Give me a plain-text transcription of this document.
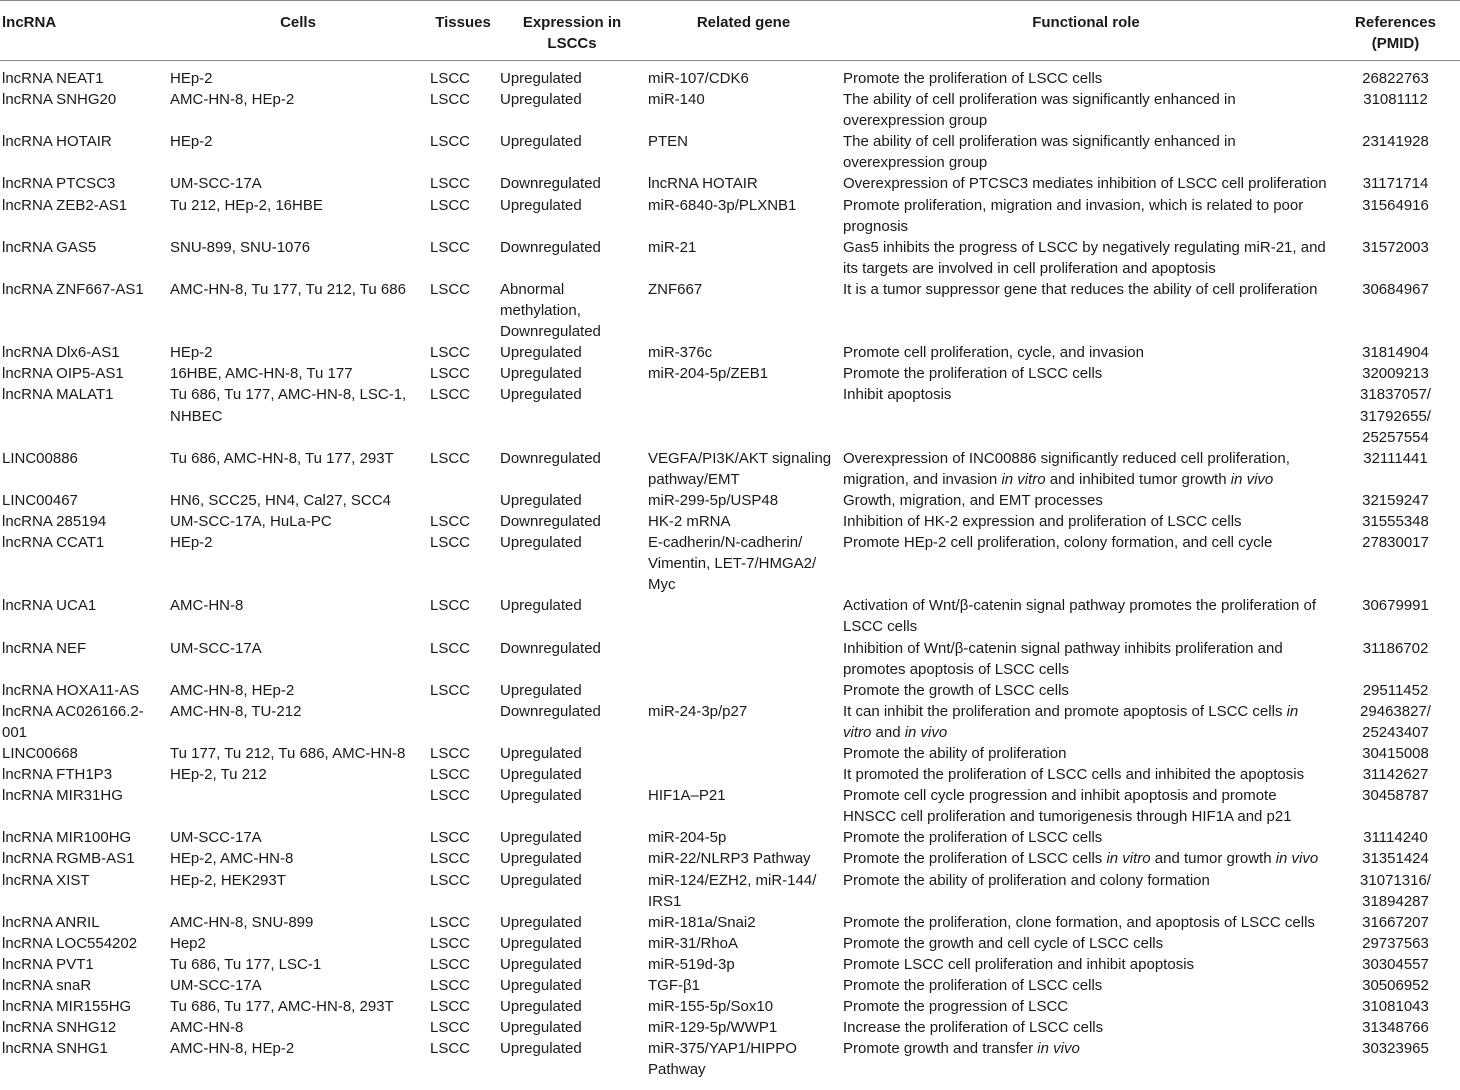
lncRNA	Cells	Tissues	Expression in LSCCs	Related gene	Functional role	References (PMID)
lncRNA NEAT1	HEp-2	LSCC	Upregulated	miR-107/CDK6	Promote the proliferation of LSCC cells	26822763
lncRNA SNHG20	AMC-HN-8, HEp-2	LSCC	Upregulated	miR-140	The ability of cell proliferation was significantly enhanced in overexpression group	31081112
lncRNA HOTAIR	HEp-2	LSCC	Upregulated	PTEN	The ability of cell proliferation was significantly enhanced in overexpression group	23141928
lncRNA PTCSC3	UM-SCC-17A	LSCC	Downregulated	lncRNA HOTAIR	Overexpression of PTCSC3 mediates inhibition of LSCC cell proliferation	31171714
lncRNA ZEB2-AS1	Tu 212, HEp-2, 16HBE	LSCC	Upregulated	miR-6840-3p/PLXNB1	Promote proliferation, migration and invasion, which is related to poor prognosis	31564916
lncRNA GAS5	SNU-899, SNU-1076	LSCC	Downregulated	miR-21	Gas5 inhibits the progress of LSCC by negatively regulating miR-21, and its targets are involved in cell proliferation and apoptosis	31572003
lncRNA ZNF667-AS1	AMC-HN-8, Tu 177, Tu 212, Tu 686	LSCC	Abnormal methylation, Downregulated	ZNF667	It is a tumor suppressor gene that reduces the ability of cell proliferation	30684967
lncRNA Dlx6-AS1	HEp-2	LSCC	Upregulated	miR-376c	Promote cell proliferation, cycle, and invasion	31814904
lncRNA OIP5-AS1	16HBE, AMC-HN-8, Tu 177	LSCC	Upregulated	miR-204-5p/ZEB1	Promote the proliferation of LSCC cells	32009213
lncRNA MALAT1	Tu 686, Tu 177, AMC-HN-8, LSC-1, NHBEC	LSCC	Upregulated		Inhibit apoptosis	31837057/ 31792655/ 25257554
LINC00886	Tu 686, AMC-HN-8, Tu 177, 293T	LSCC	Downregulated	VEGFA/PI3K/AKT signaling pathway/EMT	Overexpression of INC00886 significantly reduced cell proliferation, migration, and invasion in vitro and inhibited tumor growth in vivo	32111441
LINC00467	HN6, SCC25, HN4, Cal27, SCC4		Upregulated	miR-299-5p/USP48	Growth, migration, and EMT processes	32159247
lncRNA 285194	UM-SCC-17A, HuLa-PC	LSCC	Downregulated	HK-2 mRNA	Inhibition of HK-2 expression and proliferation of LSCC cells	31555348
lncRNA CCAT1	HEp-2	LSCC	Upregulated	E-cadherin/N-cadherin/ Vimentin, LET-7/HMGA2/ Myc	Promote HEp-2 cell proliferation, colony formation, and cell cycle	27830017
lncRNA UCA1	AMC-HN-8	LSCC	Upregulated		Activation of Wnt/β-catenin signal pathway promotes the proliferation of LSCC cells	30679991
lncRNA NEF	UM-SCC-17A	LSCC	Downregulated		Inhibition of Wnt/β-catenin signal pathway inhibits proliferation and promotes apoptosis of LSCC cells	31186702
lncRNA HOXA11-AS	AMC-HN-8, HEp-2	LSCC	Upregulated		Promote the growth of LSCC cells	29511452
lncRNA AC026166.2-001	AMC-HN-8, TU-212		Downregulated	miR-24-3p/p27	It can inhibit the proliferation and promote apoptosis of LSCC cells in vitro and in vivo	29463827/ 25243407
LINC00668	Tu 177, Tu 212, Tu 686, AMC-HN-8	LSCC	Upregulated		Promote the ability of proliferation	30415008
lncRNA FTH1P3	HEp-2, Tu 212	LSCC	Upregulated		It promoted the proliferation of LSCC cells and inhibited the apoptosis	31142627
lncRNA MIR31HG		LSCC	Upregulated	HIF1A–P21	Promote cell cycle progression and inhibit apoptosis and promote HNSCC cell proliferation and tumorigenesis through HIF1A and p21	30458787
lncRNA MIR100HG	UM-SCC-17A	LSCC	Upregulated	miR-204-5p	Promote the proliferation of LSCC cells	31114240
lncRNA RGMB-AS1	HEp-2, AMC-HN-8	LSCC	Upregulated	miR-22/NLRP3 Pathway	Promote the proliferation of LSCC cells in vitro and tumor growth in vivo	31351424
lncRNA XIST	HEp-2, HEK293T	LSCC	Upregulated	miR-124/EZH2, miR-144/ IRS1	Promote the ability of proliferation and colony formation	31071316/ 31894287
lncRNA ANRIL	AMC-HN-8, SNU-899	LSCC	Upregulated	miR-181a/Snai2	Promote the proliferation, clone formation, and apoptosis of LSCC cells	31667207
lncRNA LOC554202	Hep2	LSCC	Upregulated	miR-31/RhoA	Promote the growth and cell cycle of LSCC cells	29737563
lncRNA PVT1	Tu 686, Tu 177, LSC-1	LSCC	Upregulated	miR-519d-3p	Promote LSCC cell proliferation and inhibit apoptosis	30304557
lncRNA snaR	UM-SCC-17A	LSCC	Upregulated	TGF-β1	Promote the proliferation of LSCC cells	30506952
lncRNA MIR155HG	Tu 686, Tu 177, AMC-HN-8, 293T	LSCC	Upregulated	miR-155-5p/Sox10	Promote the progression of LSCC	31081043
lncRNA SNHG12	AMC-HN-8	LSCC	Upregulated	miR-129-5p/WWP1	Increase the proliferation of LSCC cells	31348766
lncRNA SNHG1	AMC-HN-8, HEp-2	LSCC	Upregulated	miR-375/YAP1/HIPPO Pathway	Promote growth and transfer in vivo	30323965
